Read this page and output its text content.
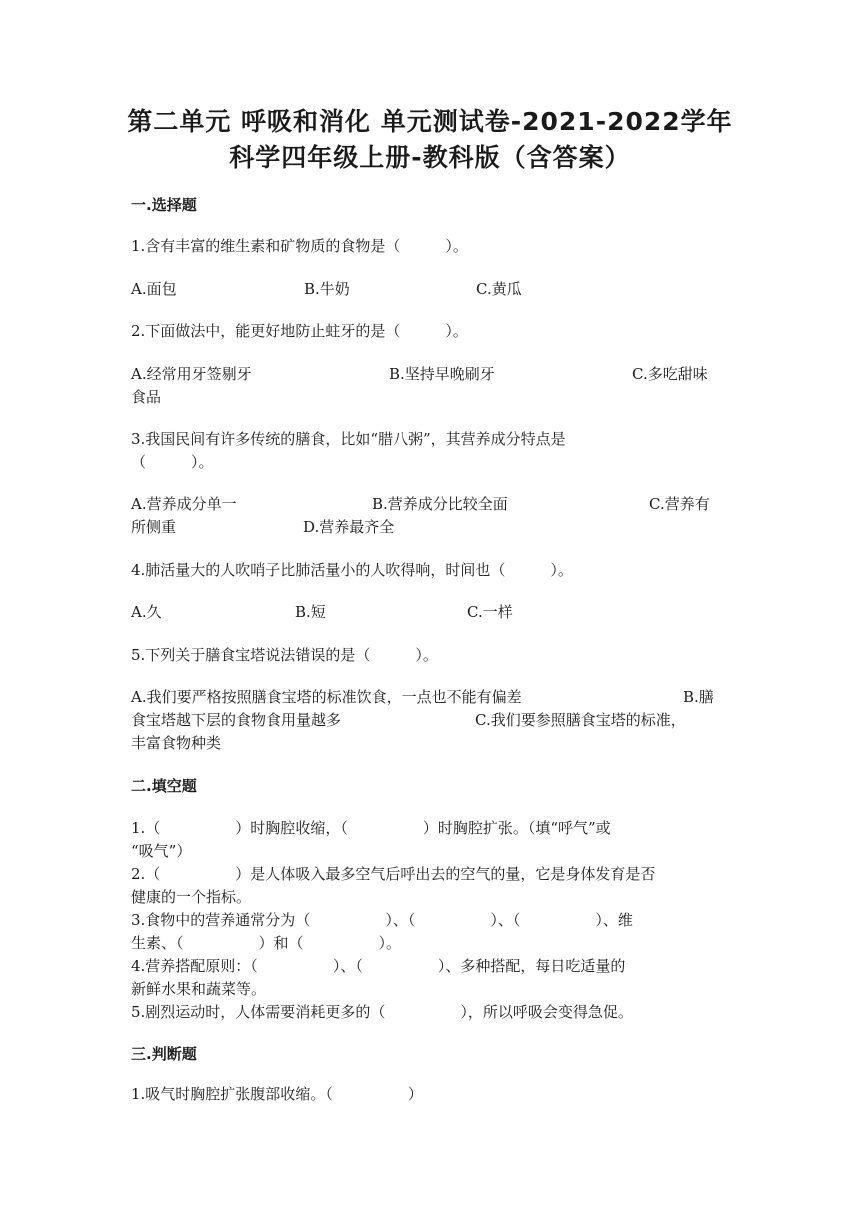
第二单元 呼吸和消化 单元测试卷-2021-2022学年
科学四年级上册-教科版（含答案）
一.选择题
1.含有丰富的维生素和矿物质的食物是（　　　）。
A.面包	B.牛奶	C.黄瓜
2.下面做法中，能更好地防止蛀牙的是（　　　）。
A.经常用牙签剔牙	B.坚持早晚刷牙	C.多吃甜味
食品
3.我国民间有许多传统的膳食，比如“腊八粥”，其营养成分特点是
（　　　）。
A.营养成分单一	B.营养成分比较全面	C.营养有
所侧重	D.营养最齐全
4.肺活量大的人吹哨子比肺活量小的人吹得响，时间也（　　　）。
A.久	B.短	C.一样
5.下列关于膳食宝塔说法错误的是（　　　）。
A.我们要严格按照膳食宝塔的标准饮食，一点也不能有偏差	B.膳
食宝塔越下层的食物食用量越多	C.我们要参照膳食宝塔的标准，
丰富食物种类
二.填空题
1.（　　　　　）时胸腔收缩，（　　　　　）时胸腔扩张。（填“呼气”或
“吸气”）
2.（　　　　　）是人体吸入最多空气后呼出去的空气的量，它是身体发育是否
健康的一个指标。
3.食物中的营养通常分为（　　　　　）、（　　　　　）、（　　　　　）、维
生素、（　　　　　）和（　　　　　）。
4.营养搭配原则：（　　　　　）、（　　　　　）、多种搭配，每日吃适量的
新鲜水果和蔬菜等。
5.剧烈运动时，人体需要消耗更多的（　　　　　），所以呼吸会变得急促。
三.判断题
1.吸气时胸腔扩张腹部收缩。（　　　　　）
